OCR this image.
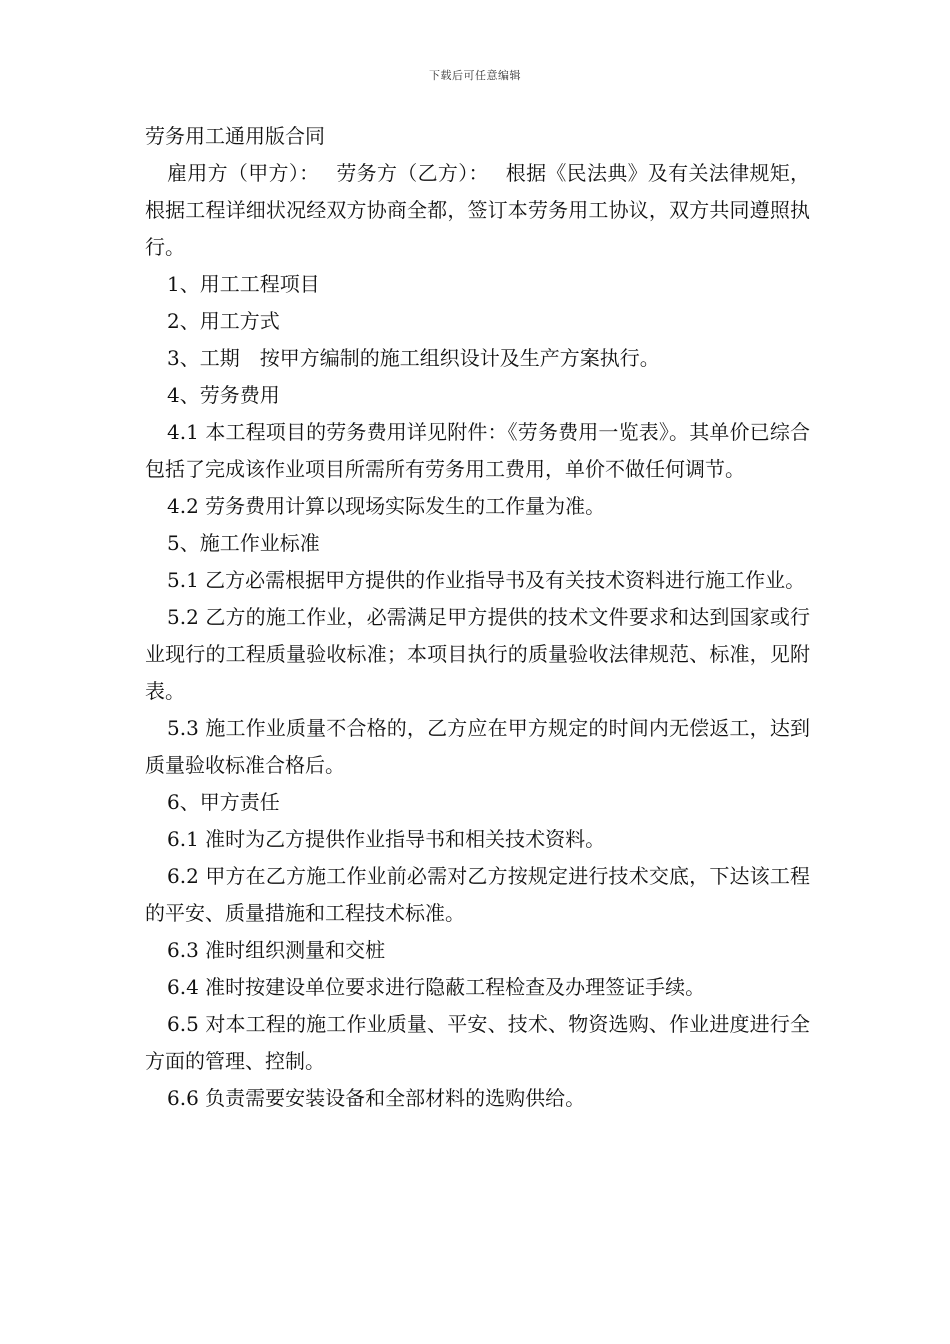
下载后可任意编辑
劳务用工通用版合同

雇用方（甲方）：　 劳务方（乙方）：　 根据《民法典》及有关法律规矩，根据工程详细状况经双方协商全都，签订本劳务用工协议，双方共同遵照执行。

1、用工工程项目

2、用工方式

3、工期　按甲方编制的施工组织设计及生产方案执行。

4、劳务费用

4.1 本工程项目的劳务费用详见附件：《劳务费用一览表》。其单价已综合包括了完成该作业项目所需所有劳务用工费用，单价不做任何调节。

4.2 劳务费用计算以现场实际发生的工作量为准。

5、施工作业标准

5.1 乙方必需根据甲方提供的作业指导书及有关技术资料进行施工作业。

5.2 乙方的施工作业，必需满足甲方提供的技术文件要求和达到国家或行业现行的工程质量验收标准；本项目执行的质量验收法律规范、标准，见附表。

5.3 施工作业质量不合格的，乙方应在甲方规定的时间内无偿返工，达到质量验收标准合格后。

6、甲方责任

6.1 准时为乙方提供作业指导书和相关技术资料。

6.2 甲方在乙方施工作业前必需对乙方按规定进行技术交底，下达该工程的平安、质量措施和工程技术标准。

6.3 准时组织测量和交桩

6.4 准时按建设单位要求进行隐蔽工程检查及办理签证手续。

6.5 对本工程的施工作业质量、平安、技术、物资选购、作业进度进行全方面的管理、控制。

6.6 负责需要安装设备和全部材料的选购供给。
